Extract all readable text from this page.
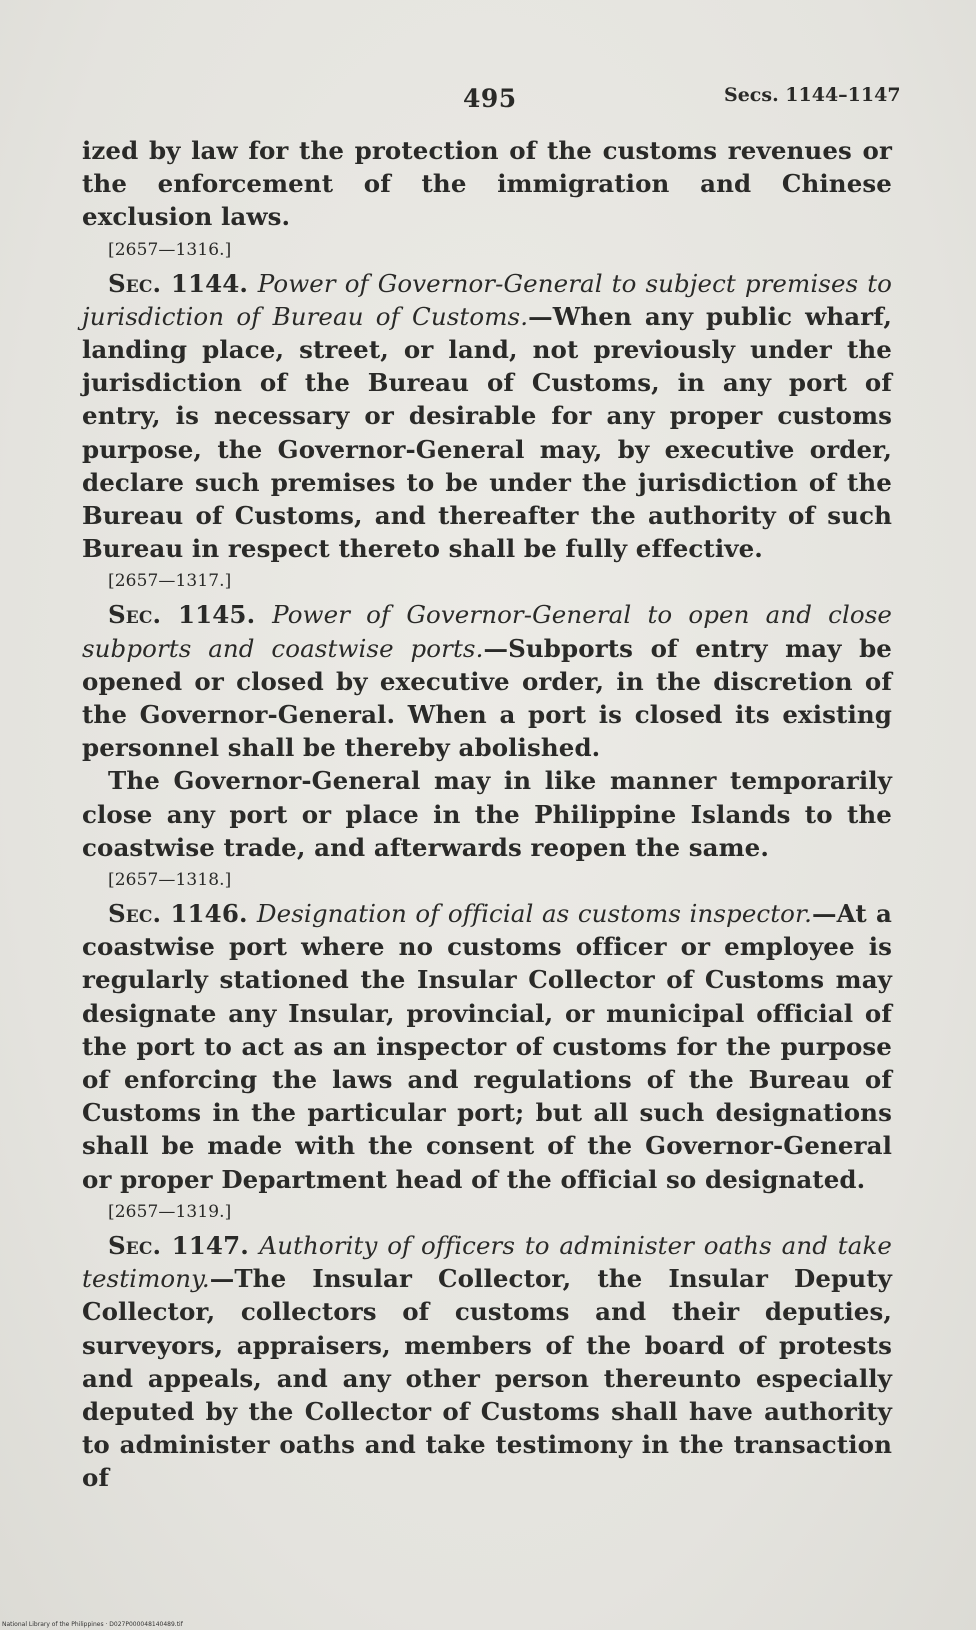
495	Secs. 1144–1147

ized by law for the protection of the customs revenues or the enforcement of the immigration and Chinese exclusion laws.

[2657—1316.]

Sec. 1144. Power of Governor-General to subject premises to jurisdiction of Bureau of Customs.—When any public wharf, landing place, street, or land, not previously under the jurisdiction of the Bureau of Customs, in any port of entry, is necessary or desirable for any proper customs purpose, the Governor-General may, by executive order, declare such premises to be under the jurisdiction of the Bureau of Customs, and thereafter the authority of such Bureau in respect thereto shall be fully effective.

[2657—1317.]

Sec. 1145. Power of Governor-General to open and close subports and coastwise ports.—Subports of entry may be opened or closed by executive order, in the discretion of the Governor-General. When a port is closed its existing personnel shall be thereby abolished.

The Governor-General may in like manner temporarily close any port or place in the Philippine Islands to the coastwise trade, and afterwards reopen the same.

[2657—1318.]

Sec. 1146. Designation of official as customs inspector.—At a coastwise port where no customs officer or employee is regularly stationed the Insular Collector of Customs may designate any Insular, provincial, or municipal official of the port to act as an inspector of customs for the purpose of enforcing the laws and regulations of the Bureau of Customs in the particular port; but all such designations shall be made with the consent of the Governor-General or proper Department head of the official so designated.

[2657—1319.]

Sec. 1147. Authority of officers to administer oaths and take testimony.—The Insular Collector, the Insular Deputy Collector, collectors of customs and their deputies, surveyors, appraisers, members of the board of protests and appeals, and any other person thereunto especially deputed by the Collector of Customs shall have authority to administer oaths and take testimony in the transaction of

National Library of the Philippines · D027P000048140489.tif
